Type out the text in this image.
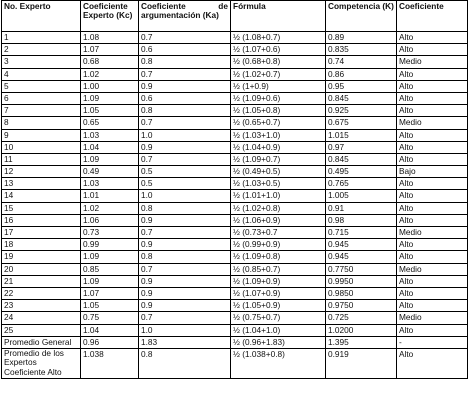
No. Experto	Coeficiente Experto (Kc)	Coeficiente de argumentación (Ka)	Fórmula	Competencia (K)	Coeficiente
1	1.08	0.7	½ (1.08+0.7)	0.89	Alto
2	1.07	0.6	½ (1.07+0.6)	0.835	Alto
3	0.68	0.8	½ (0.68+0.8)	0.74	Medio
4	1.02	0.7	½ (1.02+0.7)	0.86	Alto
5	1.00	0.9	½ (1+0.9)	0.95	Alto
6	1.09	0.6	½ (1.09+0.6)	0.845	Alto
7	1.05	0.8	½ (1.05+0.8)	0.925	Alto
8	0.65	0.7	½ (0.65+0.7)	0.675	Medio
9	1.03	1.0	½ (1.03+1.0)	1.015	Alto
10	1.04	0.9	½ (1.04+0.9)	0.97	Alto
11	1.09	0.7	½ (1.09+0.7)	0.845	Alto
12	0.49	0.5	½ (0.49+0.5)	0.495	Bajo
13	1.03	0.5	½ (1.03+0.5)	0.765	Alto
14	1.01	1.0	½ (1.01+1.0)	1.005	Alto
15	1.02	0.8	½ (1.02+0.8)	0.91	Alto
16	1.06	0.9	½ (1.06+0.9)	0.98	Alto
17	0.73	0.7	½ (0.73+0.7	0.715	Medio
18	0.99	0.9	½ (0.99+0.9)	0.945	Alto
19	1.09	0.8	½ (1.09+0.8)	0.945	Alto
20	0.85	0.7	½ (0.85+0.7)	0.7750	Medio
21	1.09	0.9	½ (1.09+0.9)	0.9950	Alto
22	1.07	0.9	½ (1.07+0.9)	0.9850	Alto
23	1.05	0.9	½ (1.05+0.9)	0.9750	Alto
24	0.75	0.7	½ (0.75+0.7)	0.725	Medio
25	1.04	1.0	½ (1.04+1.0)	1.0200	Alto
Promedio General	0.96	1.83	½ (0.96+1.83)	1.395	-
Promedio de los Expertos Coeficiente Alto	1.038	0.8	½ (1.038+0.8)	0.919	Alto
